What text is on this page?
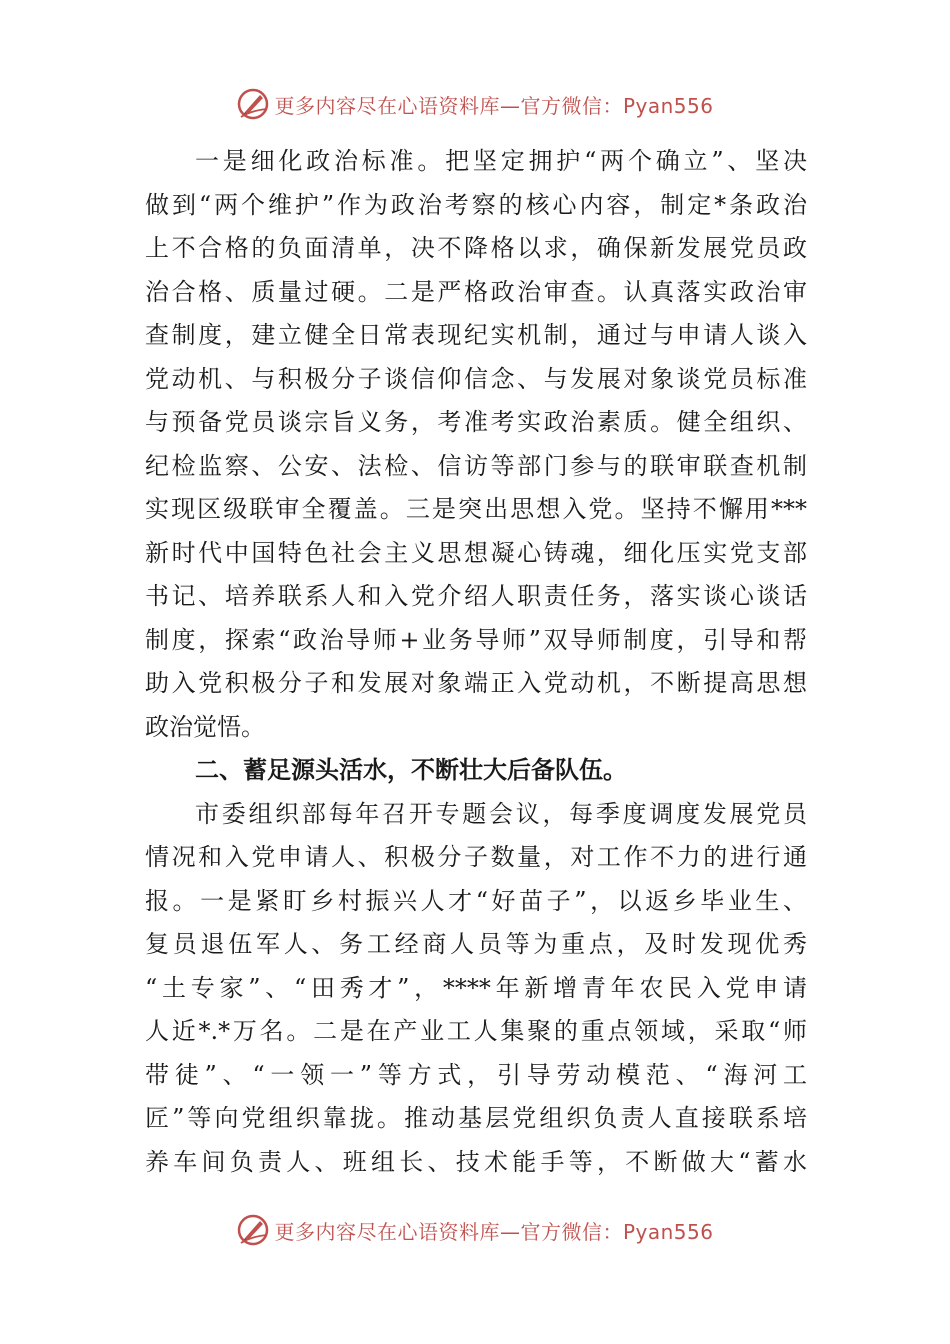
更多内容尽在心语资料库—官方微信：Pyan556
一是细化政治标准。把坚定拥护“两个确立”、坚决
做到“两个维护”作为政治考察的核心内容，制定*条政治
上不合格的负面清单，决不降格以求，确保新发展党员政
治合格、质量过硬。二是严格政治审查。认真落实政治审
查制度，建立健全日常表现纪实机制，通过与申请人谈入
党动机、与积极分子谈信仰信念、与发展对象谈党员标准
与预备党员谈宗旨义务，考准考实政治素质。健全组织、
纪检监察、公安、法检、信访等部门参与的联审联查机制
实现区级联审全覆盖。三是突出思想入党。坚持不懈用***
新时代中国特色社会主义思想凝心铸魂，细化压实党支部
书记、培养联系人和入党介绍人职责任务，落实谈心谈话
制度，探索“政治导师+业务导师”双导师制度，引导和帮
助入党积极分子和发展对象端正入党动机，不断提高思想
政治觉悟。
二、蓄足源头活水，不断壮大后备队伍。
市委组织部每年召开专题会议，每季度调度发展党员
情况和入党申请人、积极分子数量，对工作不力的进行通
报。一是紧盯乡村振兴人才“好苗子”，以返乡毕业生、
复员退伍军人、务工经商人员等为重点，及时发现优秀
“土专家”、“田秀才”，****年新增青年农民入党申请
人近*.*万名。二是在产业工人集聚的重点领域，采取“师
带徒”、“一领一”等方式，引导劳动模范、“海河工
匠”等向党组织靠拢。推动基层党组织负责人直接联系培
养车间负责人、班组长、技术能手等，不断做大“蓄水
更多内容尽在心语资料库—官方微信：Pyan556
